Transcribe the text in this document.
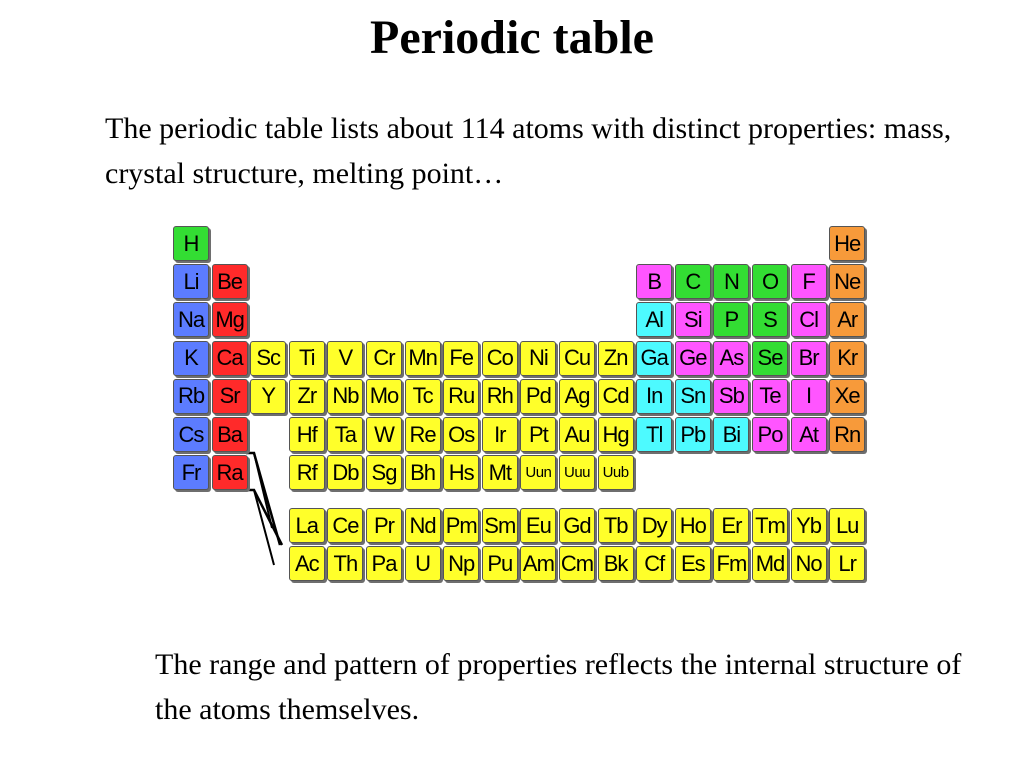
Periodic table
The periodic table lists about 114 atoms with distinct properties: mass, crystal structure, melting point…
H	He
Li Be	B	C	N	O	F Ne
Na Mg	Al Si	P	S	Cl Ar
K Ca Sc Ti	V Cr Mn Fe Co Ni Cu Zn Ga Ge As Se Br Kr
Rb Sr Y	Zr Nb Mo Tc Ru Rh Pd Ag Cd In Sn Sb Te	I	Xe
Cs Ba	Hf Ta W Re Os Ir	Pt Au Hg Tl Pb Bi Po At Rn
Fr Ra	Rf Db Sg Bh Hs Mt Uun Uuu Uub
La Ce Pr Nd Pm Sm Eu Gd Tb Dy Ho Er Tm Yb Lu
Ac Th Pa U Np Pu Am Cm Bk Cf Es Fm Md No Lr
The range and pattern of properties reflects the internal structure of the atoms themselves.
